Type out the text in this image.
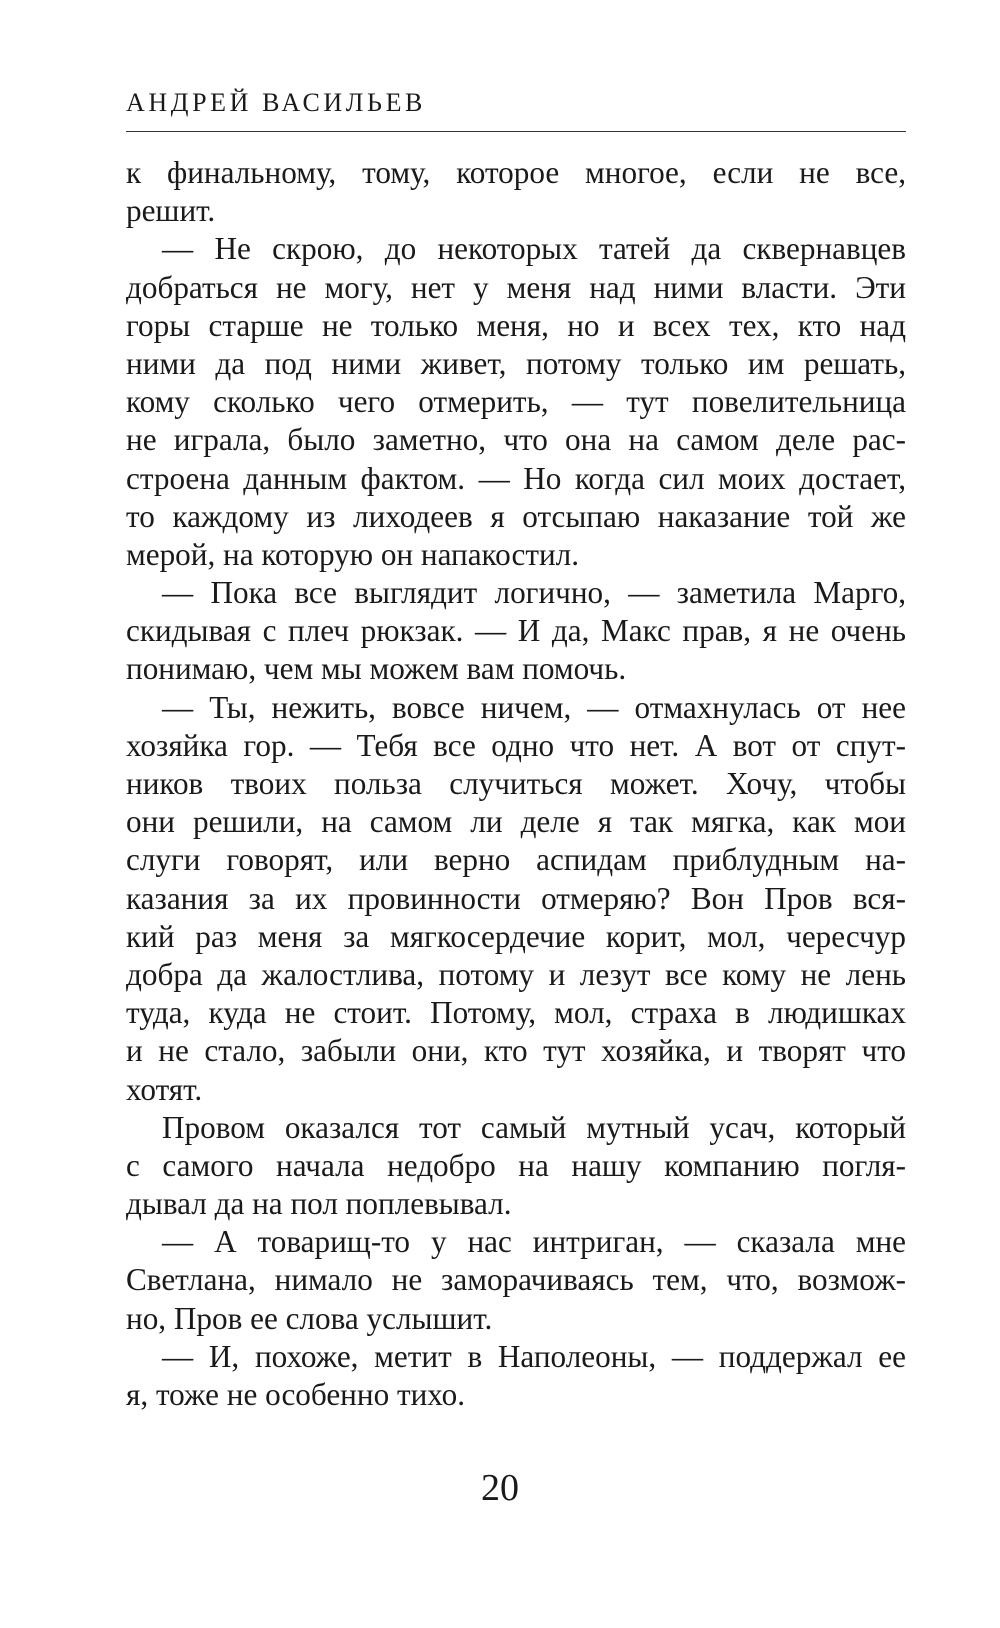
АНДРЕЙ ВАСИЛЬЕВ
к финальному, тому, которое многое, если не все,
решит.
— Не скрою, до некоторых татей да сквернавцев
добраться не могу, нет у меня над ними власти. Эти
горы старше не только меня, но и всех тех, кто над
ними да под ними живет, потому только им решать,
кому сколько чего отмерить, — тут повелительница
не играла, было заметно, что она на самом деле рас-
строена данным фактом. — Но когда сил моих достает,
то каждому из лиходеев я отсыпаю наказание той же
мерой, на которую он напакостил.
— Пока все выглядит логично, — заметила Марго,
скидывая с плеч рюкзак. — И да, Макс прав, я не очень
понимаю, чем мы можем вам помочь.
— Ты, нежить, вовсе ничем, — отмахнулась от нее
хозяйка гор. — Тебя все одно что нет. А вот от спут-
ников твоих польза случиться может. Хочу, чтобы
они решили, на самом ли деле я так мягка, как мои
слуги говорят, или верно аспидам приблудным на-
казания за их провинности отмеряю? Вон Пров вся-
кий раз меня за мягкосердечие корит, мол, чересчур
добра да жалостлива, потому и лезут все кому не лень
туда, куда не стоит. Потому, мол, страха в людишках
и не стало, забыли они, кто тут хозяйка, и творят что
хотят.
Провом оказался тот самый мутный усач, который
с самого начала недобро на нашу компанию погля-
дывал да на пол поплевывал.
— А товарищ-то у нас интриган, — сказала мне
Светлана, нимало не заморачиваясь тем, что, возмож-
но, Пров ее слова услышит.
— И, похоже, метит в Наполеоны, — поддержал ее
я, тоже не особенно тихо.
20
